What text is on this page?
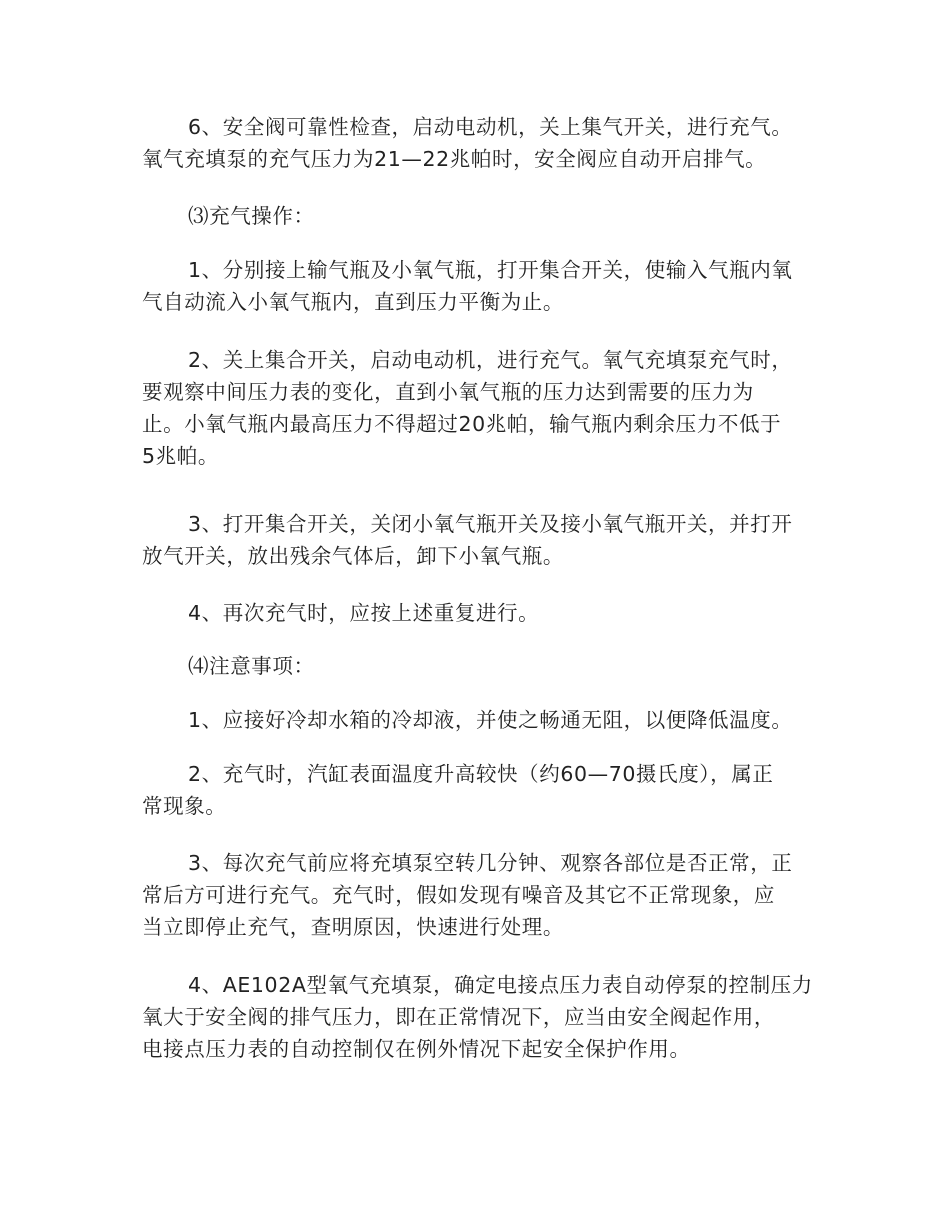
6、安全阀可靠性检查，启动电动机，关上集气开关，进行充气。
氧气充填泵的充气压力为21—22兆帕时，安全阀应自动开启排气。
⑶充气操作：
1、分别接上输气瓶及小氧气瓶，打开集合开关，使输入气瓶内氧
气自动流入小氧气瓶内，直到压力平衡为止。
2、关上集合开关，启动电动机，进行充气。氧气充填泵充气时，
要观察中间压力表的变化，直到小氧气瓶的压力达到需要的压力为
止。小氧气瓶内最高压力不得超过20兆帕，输气瓶内剩余压力不低于
5兆帕。
3、打开集合开关，关闭小氧气瓶开关及接小氧气瓶开关，并打开
放气开关，放出残余气体后，卸下小氧气瓶。
4、再次充气时，应按上述重复进行。
⑷注意事项：
1、应接好冷却水箱的冷却液，并使之畅通无阻，以便降低温度。
2、充气时，汽缸表面温度升高较快（约60—70摄氏度），属正
常现象。
3、每次充气前应将充填泵空转几分钟、观察各部位是否正常，正
常后方可进行充气。充气时，假如发现有噪音及其它不正常现象，应
当立即停止充气，查明原因，快速进行处理。
4、AE102A型氧气充填泵，确定电接点压力表自动停泵的控制压力
氧大于安全阀的排气压力，即在正常情况下，应当由安全阀起作用，
电接点压力表的自动控制仅在例外情况下起安全保护作用。
